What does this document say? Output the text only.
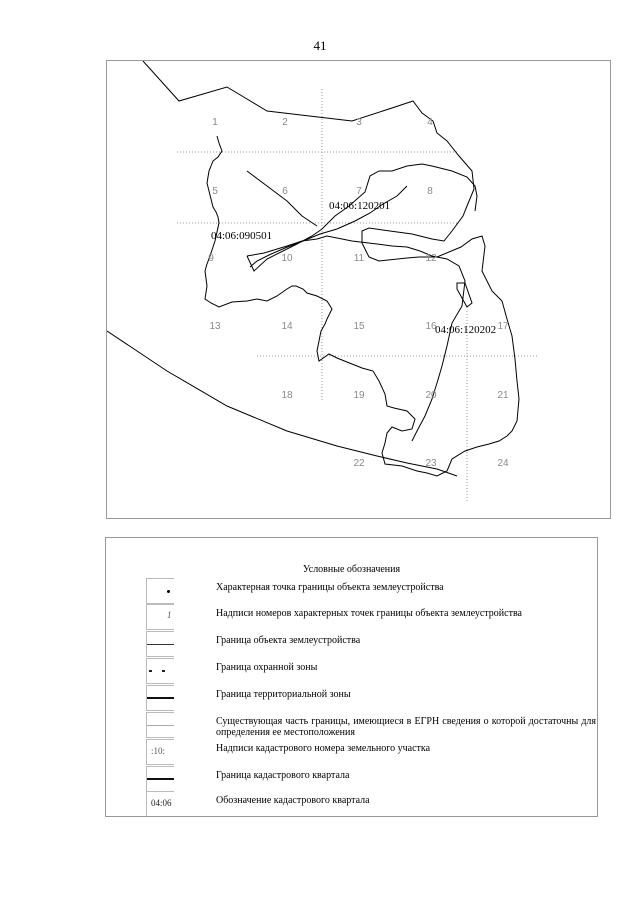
41
1	2	3	4
5	6	7	8
9	10	11	12
13	14	15	16	17
18	19	20	21
22	23	24
04:06:120201
04:06:090501
04:06:120202
Условные обозначения
Характерная точка границы объекта землеустройства
1	Надписи номеров характерных точек границы объекта землеустройства
Граница объекта землеустройства
Граница охранной зоны
Граница территориальной зоны
Существующая часть границы, имеющиеся в ЕГРН сведения о которой достаточны для определения ее местоположения
:10:	Надписи кадастрового номера земельного участка
Граница кадастрового квартала
04:06	Обозначение кадастрового квартала
